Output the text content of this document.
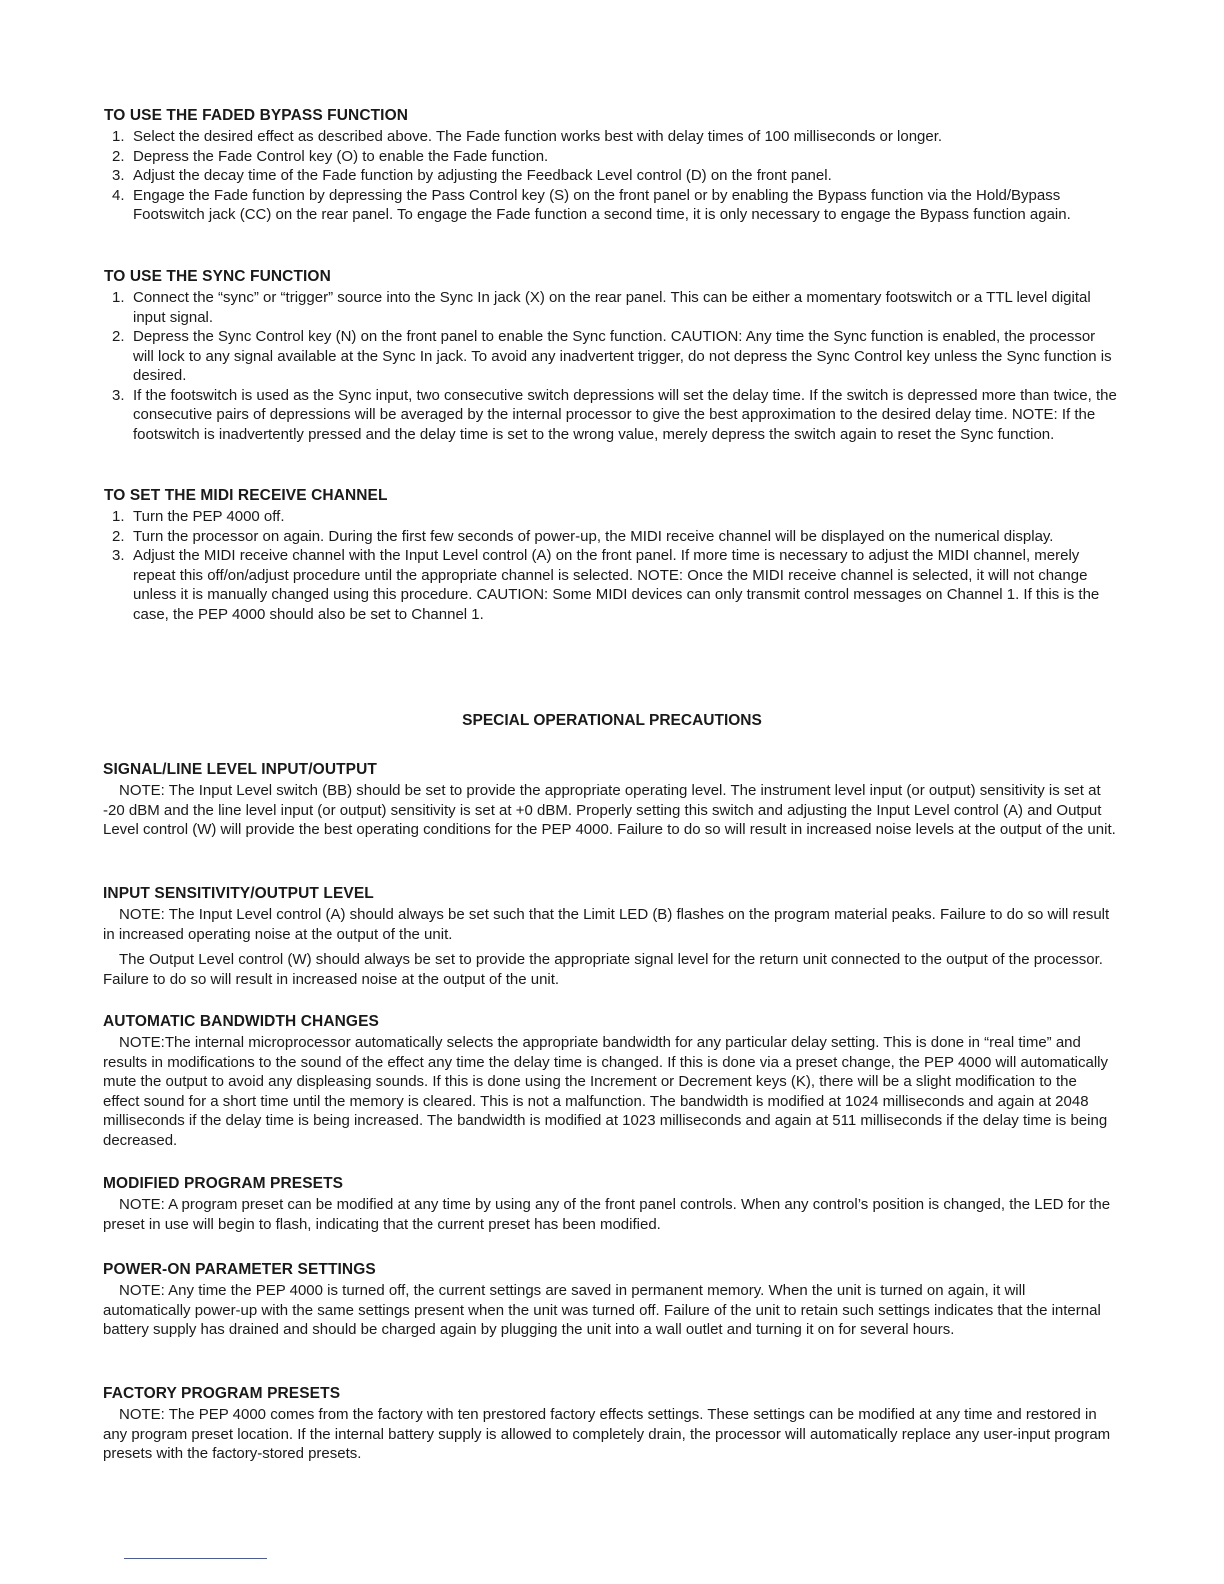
TO USE THE FADED BYPASS FUNCTION
1. Select the desired effect as described above. The Fade function works best with delay times of 100 milliseconds or longer.
2. Depress the Fade Control key (O) to enable the Fade function.
3. Adjust the decay time of the Fade function by adjusting the Feedback Level control (D) on the front panel.
4. Engage the Fade function by depressing the Pass Control key (S) on the front panel or by enabling the Bypass function via the Hold/Bypass Footswitch jack (CC) on the rear panel. To engage the Fade function a second time, it is only necessary to engage the Bypass function again.
TO USE THE SYNC FUNCTION
1. Connect the “sync” or “trigger” source into the Sync In jack (X) on the rear panel. This can be either a momentary footswitch or a TTL level digital input signal.
2. Depress the Sync Control key (N) on the front panel to enable the Sync function. CAUTION: Any time the Sync function is enabled, the processor will lock to any signal available at the Sync In jack. To avoid any inadvertent trigger, do not depress the Sync Control key unless the Sync function is desired.
3. If the footswitch is used as the Sync input, two consecutive switch depressions will set the delay time. If the switch is depressed more than twice, the consecutive pairs of depressions will be averaged by the internal processor to give the best approximation to the desired delay time. NOTE: If the footswitch is inadvertently pressed and the delay time is set to the wrong value, merely depress the switch again to reset the Sync function.
TO SET THE MIDI RECEIVE CHANNEL
1. Turn the PEP 4000 off.
2. Turn the processor on again. During the first few seconds of power-up, the MIDI receive channel will be displayed on the numerical display.
3. Adjust the MIDI receive channel with the Input Level control (A) on the front panel. If more time is necessary to adjust the MIDI channel, merely repeat this off/on/adjust procedure until the appropriate channel is selected. NOTE: Once the MIDI receive channel is selected, it will not change unless it is manually changed using this procedure. CAUTION: Some MIDI devices can only transmit control messages on Channel 1. If this is the case, the PEP 4000 should also be set to Channel 1.
SPECIAL OPERATIONAL PRECAUTIONS
SIGNAL/LINE LEVEL INPUT/OUTPUT

NOTE: The Input Level switch (BB) should be set to provide the appropriate operating level. The instrument level input (or output) sensitivity is set at -20 dBM and the line level input (or output) sensitivity is set at +0 dBM. Properly setting this switch and adjusting the Input Level control (A) and Output Level control (W) will provide the best operating conditions for the PEP 4000. Failure to do so will result in increased noise levels at the output of the unit.

INPUT SENSITIVITY/OUTPUT LEVEL

NOTE: The Input Level control (A) should always be set such that the Limit LED (B) flashes on the program material peaks. Failure to do so will result in increased operating noise at the output of the unit.

The Output Level control (W) should always be set to provide the appropriate signal level for the return unit connected to the output of the processor. Failure to do so will result in increased noise at the output of the unit.

AUTOMATIC BANDWIDTH CHANGES

NOTE:The internal microprocessor automatically selects the appropriate bandwidth for any particular delay setting. This is done in “real time” and results in modifications to the sound of the effect any time the delay time is changed. If this is done via a preset change, the PEP 4000 will automatically mute the output to avoid any displeasing sounds. If this is done using the Increment or Decrement keys (K), there will be a slight modification to the effect sound for a short time until the memory is cleared. This is not a malfunction. The bandwidth is modified at 1024 milliseconds and again at 2048 milliseconds if the delay time is being increased. The bandwidth is modified at 1023 milliseconds and again at 511 milliseconds if the delay time is being decreased.

MODIFIED PROGRAM PRESETS

NOTE: A program preset can be modified at any time by using any of the front panel controls. When any control’s position is changed, the LED for the preset in use will begin to flash, indicating that the current preset has been modified.

POWER-ON PARAMETER SETTINGS

NOTE: Any time the PEP 4000 is turned off, the current settings are saved in permanent memory. When the unit is turned on again, it will automatically power-up with the same settings present when the unit was turned off. Failure of the unit to retain such settings indicates that the internal battery supply has drained and should be charged again by plugging the unit into a wall outlet and turning it on for several hours.

FACTORY PROGRAM PRESETS

NOTE: The PEP 4000 comes from the factory with ten prestored factory effects settings. These settings can be modified at any time and restored in any program preset location. If the internal battery supply is allowed to completely drain, the processor will automatically replace any user-input program presets with the factory-stored presets.
